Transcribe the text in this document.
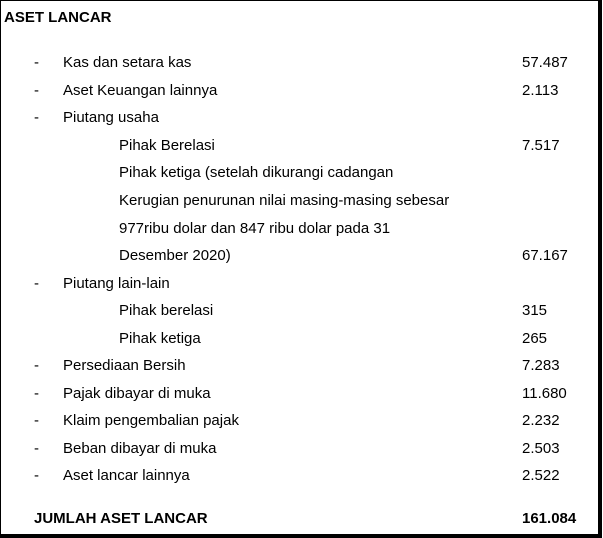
ASET LANCAR
- Kas dan setara kas	57.487
- Aset Keuangan lainnya	2.113
- Piutang usaha
Pihak Berelasi	7.517
Pihak ketiga (setelah dikurangi cadangan
Kerugian penurunan nilai masing-masing sebesar
977ribu dolar dan 847 ribu dolar pada 31
Desember 2020)	67.167
- Piutang lain-lain
Pihak berelasi	315
Pihak ketiga	265
- Persediaan Bersih	7.283
- Pajak dibayar di muka	11.680
- Klaim pengembalian pajak	2.232
- Beban dibayar di muka	2.503
- Aset lancar lainnya	2.522
JUMLAH ASET LANCAR	161.084
